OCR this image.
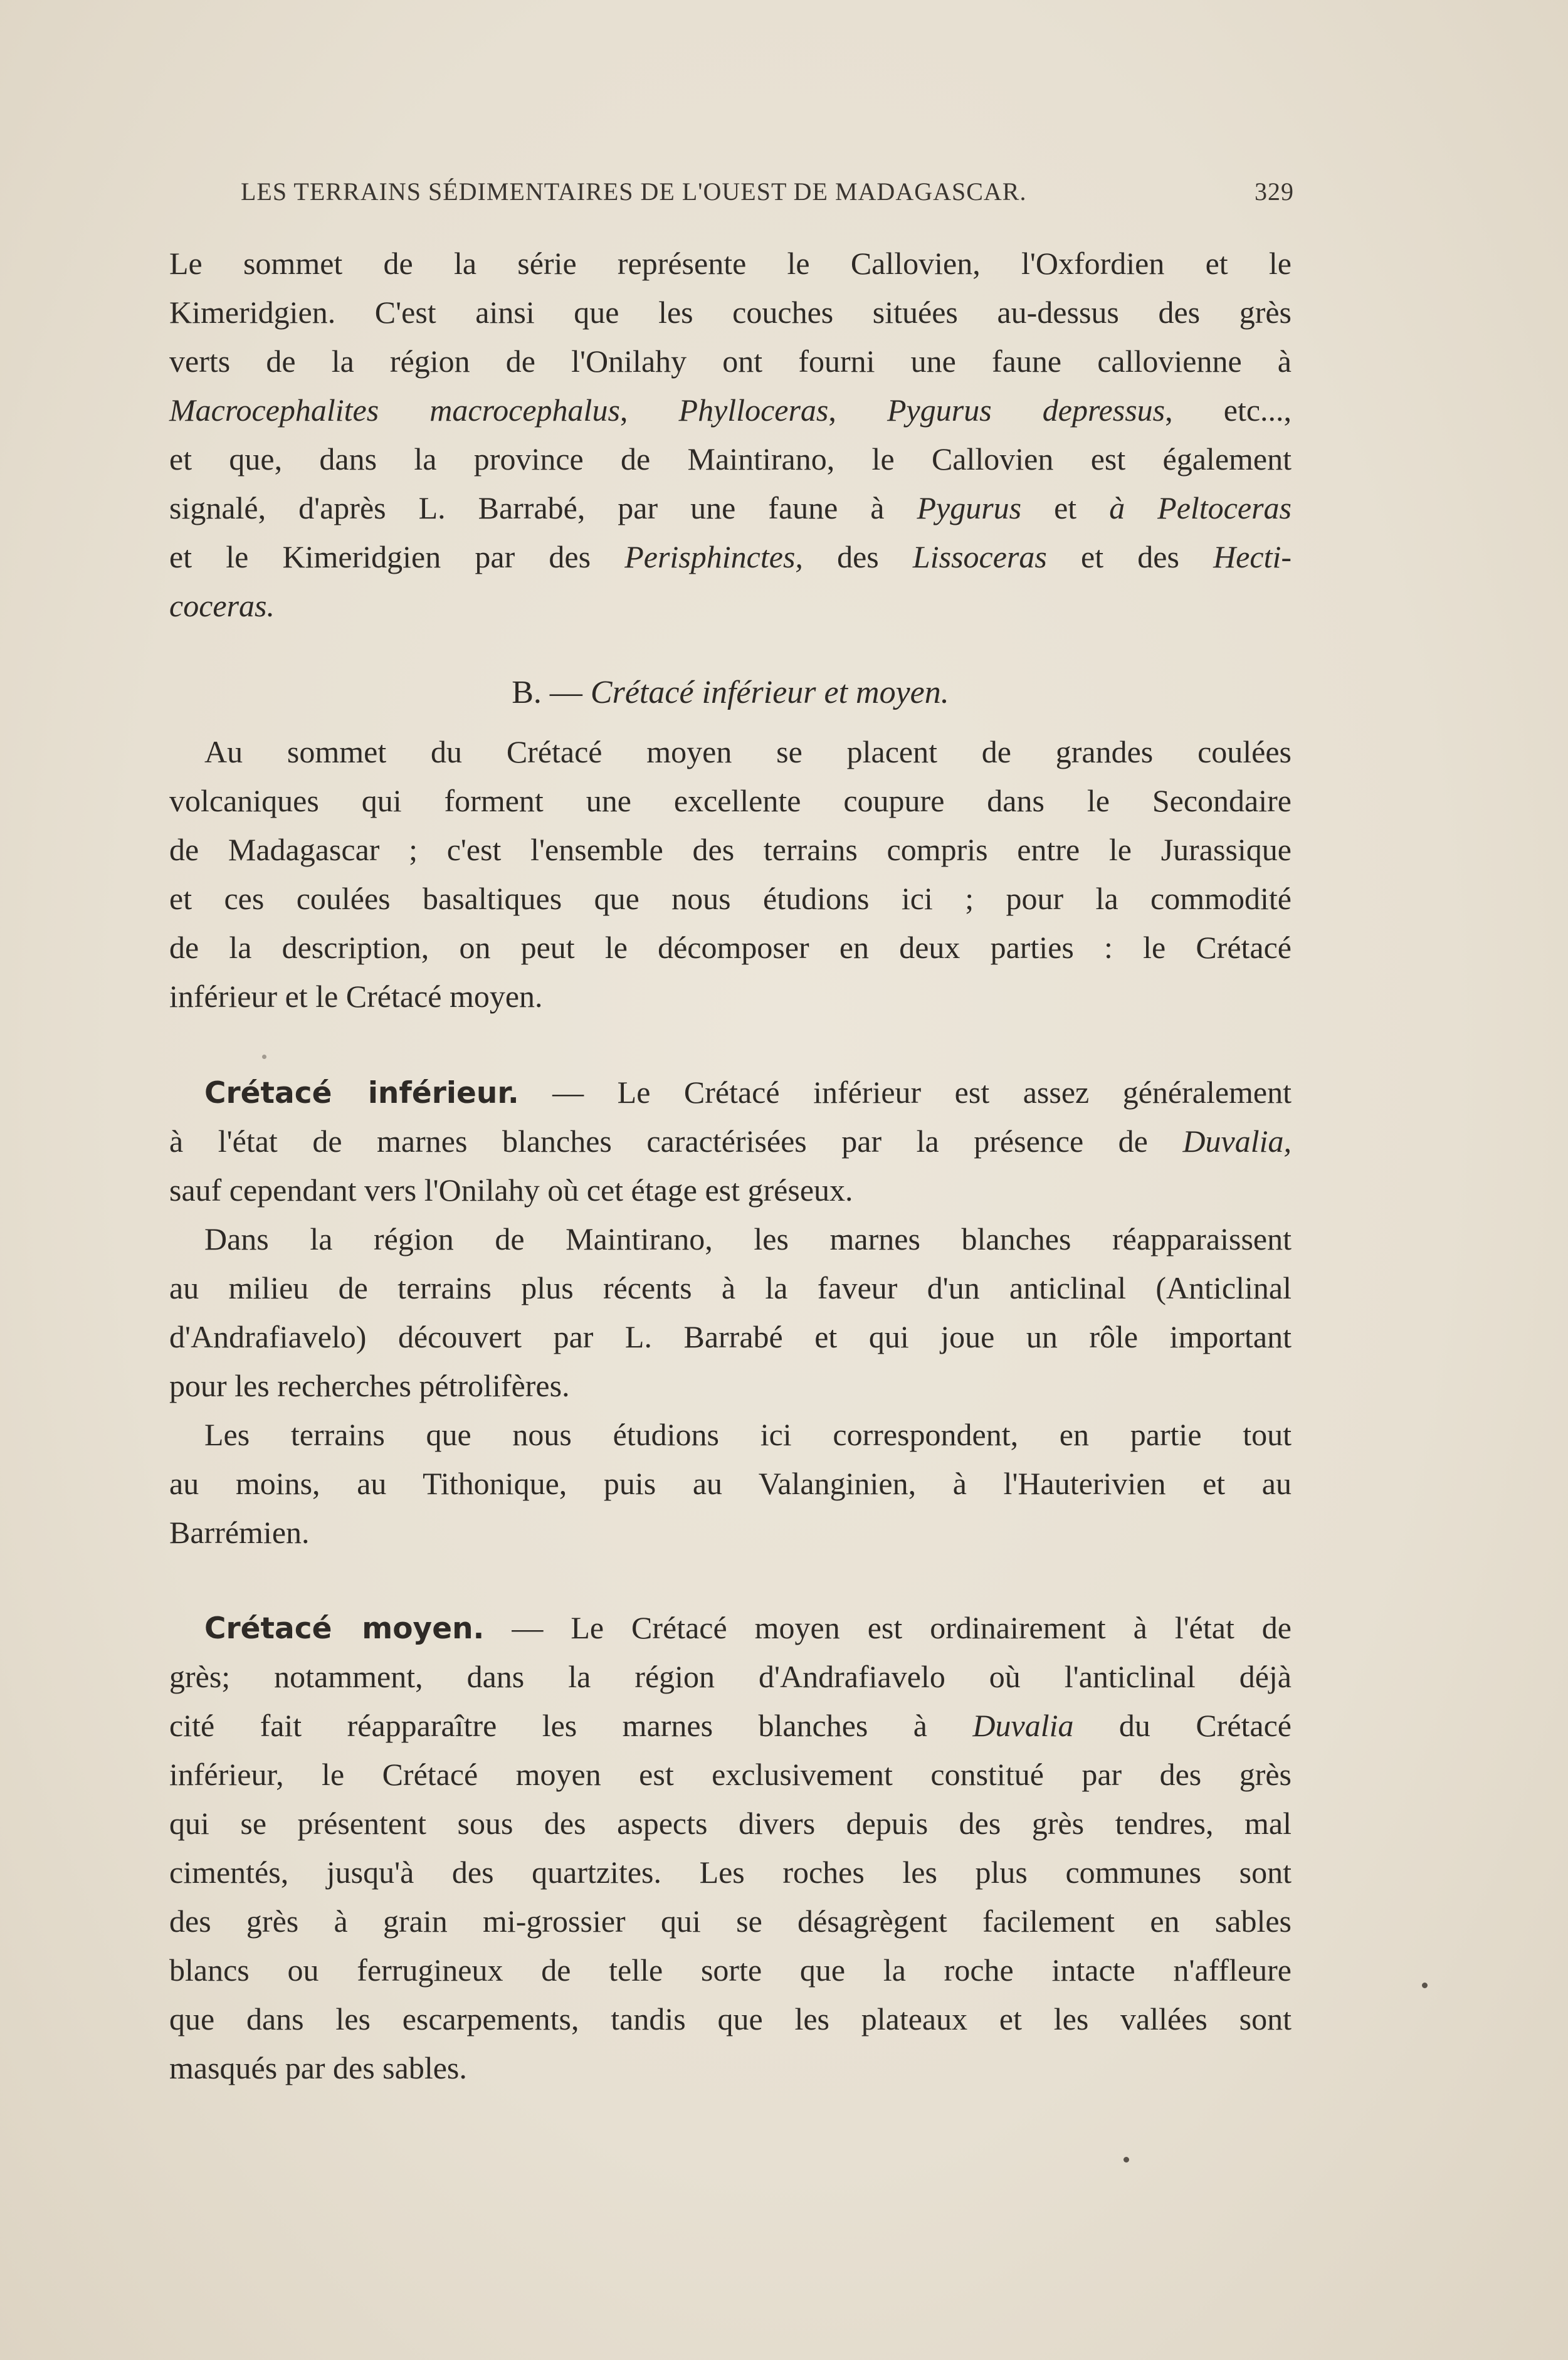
LES TERRAINS SÉDIMENTAIRES DE L'OUEST DE MADAGASCAR.	329
Le sommet de la série représente le Callovien, l'Oxfordien et le
Kimeridgien. C'est ainsi que les couches situées au-dessus des grès
verts de la région de l'Onilahy ont fourni une faune callovienne à
Macrocephalites macrocephalus, Phylloceras, Pygurus depressus, etc...,
et que, dans la province de Maintirano, le Callovien est également
signalé, d'après L. Barrabé, par une faune à Pygurus et à Peltoceras
et le Kimeridgien par des Perisphinctes, des Lissoceras et des Hecti-
coceras.
B. — Crétacé inférieur et moyen.
Au sommet du Crétacé moyen se placent de grandes coulées
volcaniques qui forment une excellente coupure dans le Secondaire
de Madagascar ; c'est l'ensemble des terrains compris entre le Jurassique
et ces coulées basaltiques que nous étudions ici ; pour la commodité
de la description, on peut le décomposer en deux parties : le Crétacé
inférieur et le Crétacé moyen.
Crétacé inférieur. — Le Crétacé inférieur est assez généralement
à l'état de marnes blanches caractérisées par la présence de Duvalia,
sauf cependant vers l'Onilahy où cet étage est gréseux.
Dans la région de Maintirano, les marnes blanches réapparaissent
au milieu de terrains plus récents à la faveur d'un anticlinal (Anticlinal
d'Andrafiavelo) découvert par L. Barrabé et qui joue un rôle important
pour les recherches pétrolifères.
Les terrains que nous étudions ici correspondent, en partie tout
au moins, au Tithonique, puis au Valanginien, à l'Hauterivien et au
Barrémien.
Crétacé moyen. — Le Crétacé moyen est ordinairement à l'état de
grès; notamment, dans la région d'Andrafiavelo où l'anticlinal déjà
cité fait réapparaître les marnes blanches à Duvalia du Crétacé
inférieur, le Crétacé moyen est exclusivement constitué par des grès
qui se présentent sous des aspects divers depuis des grès tendres, mal
cimentés, jusqu'à des quartzites. Les roches les plus communes sont
des grès à grain mi-grossier qui se désagrègent facilement en sables
blancs ou ferrugineux de telle sorte que la roche intacte n'affleure
que dans les escarpements, tandis que les plateaux et les vallées sont
masqués par des sables.
